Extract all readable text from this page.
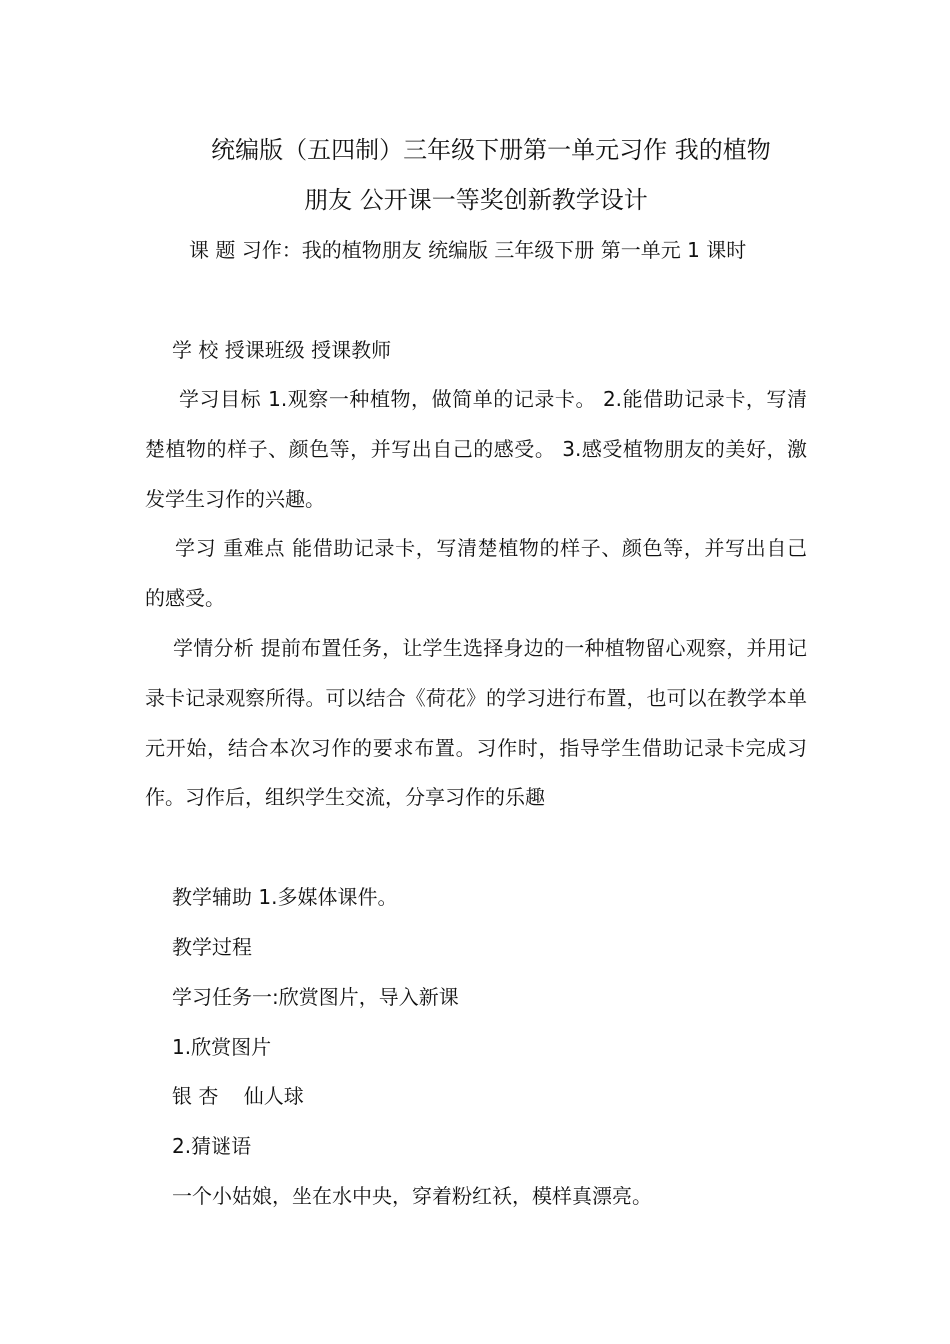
统编版（五四制）三年级下册第一单元习作 我的植物
朋友 公开课一等奖创新教学设计

课 题 习作：我的植物朋友 统编版 三年级下册 第一单元 1 课时

学 校 授课班级 授课教师

学习目标 1.观察一种植物，做简单的记录卡。 2.能借助记录卡，写清楚植物的样子、颜色等，并写出自己的感受。 3.感受植物朋友的美好，激发学生习作的兴趣。

学习 重难点 能借助记录卡，写清楚植物的样子、颜色等，并写出自己的感受。

学情分析 提前布置任务，让学生选择身边的一种植物留心观察，并用记录卡记录观察所得。可以结合《荷花》的学习进行布置，也可以在教学本单元开始，结合本次习作的要求布置。习作时，指导学生借助记录卡完成习作。习作后，组织学生交流，分享习作的乐趣

教学辅助 1.多媒体课件。

教学过程

学习任务一:欣赏图片，导入新课

1.欣赏图片

银 杏    仙人球

2.猜谜语

一个小姑娘，坐在水中央，穿着粉红袄，模样真漂亮。
